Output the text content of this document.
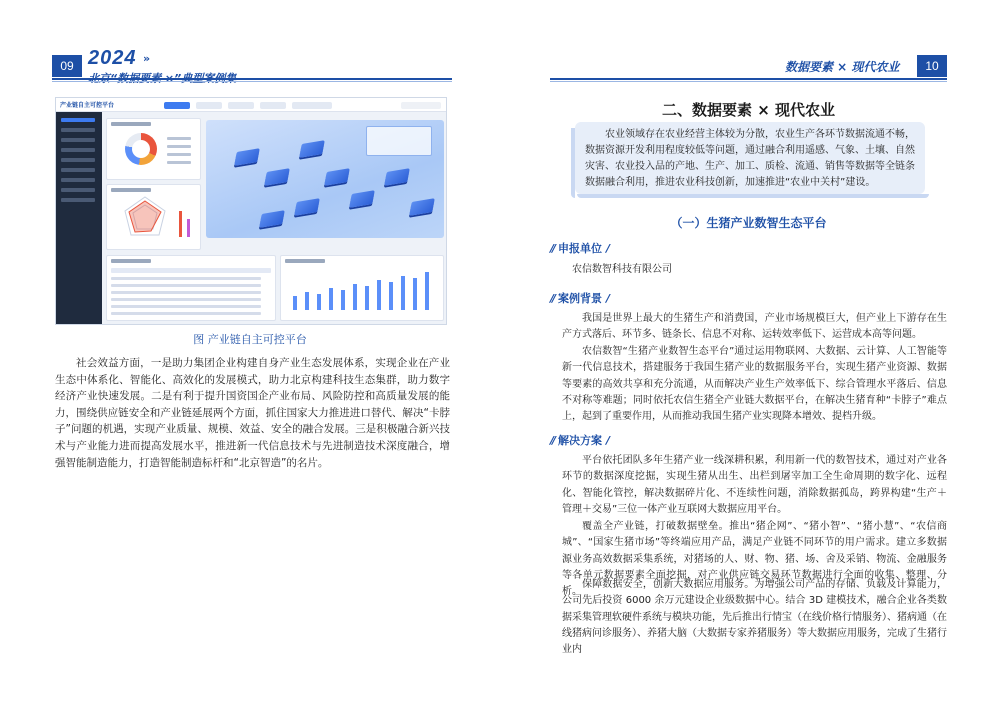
09 2024 »
产业链自主可控平台
图 产业链自主可控平台

社会效益方面，一是助力集团企业构建自身产业生态发展体系，实现企业在产业生态中体系化、智能化、高效化的发展模式，助力北京构建科技生态集群，助力数字经济产业快速发展。二是有利于提升国资国企产业布局、风险防控和高质量发展的能力，围绕供应链安全和产业链延展两个方面，抓住国家大力推进进口替代、解决“卡脖子”问题的机遇，实现产业质量、规模、效益、安全的融合发展。三是积极融合新兴技术与产业能力进而提高发展水平，推进新一代信息技术与先进制造技术深度融合，增强智能制造能力，打造智能制造标杆和“北京智造”的名片。

数据要素 × 现代农业	10
二、数据要素 × 现代农业

农业领域存在农业经营主体较为分散，农业生产各环节数据流通不畅，数据资源开发利用程度较低等问题，通过融合利用遥感、气象、土壤、自然灾害、农业投入品的产地、生产、加工、质检、流通、销售等数据等全链条数据融合利用，推进农业科技创新，加速推进“农业中关村”建设。

（一）生猪产业数智生态平台
// 申报单位 /

农信数智科技有限公司

// 案例背景 /

我国是世界上最大的生猪生产和消费国，产业市场规模巨大，但产业上下游存在生产方式落后、环节多、链条长、信息不对称、运转效率低下、运营成本高等问题。

农信数智“生猪产业数智生态平台”通过运用物联网、大数据、云计算、人工智能等新一代信息技术，搭建服务于我国生猪产业的数据服务平台，实现生猪产业资源、数据等要素的高效共享和充分流通，从而解决产业生产效率低下、综合管理水平落后、信息不对称等难题；同时依托农信生猪全产业链大数据平台，在解决生猪育种“卡脖子”难点上，起到了重要作用，从而推动我国生猪产业实现降本增效、提档升级。

// 解决方案 /

平台依托团队多年生猪产业一线深耕积累，利用新一代的数智技术，通过对产业各环节的数据深度挖掘，实现生猪从出生、出栏到屠宰加工全生命周期的数字化、远程化、智能化管控，解决数据碎片化、不连续性问题，消除数据孤岛，跨界构建“生产＋管理＋交易”三位一体产业互联网大数据应用平台。

覆盖全产业链，打破数据壁垒。推出“猪企网”、“猪小智”、“猪小慧”、“农信商城”、“国家生猪市场”等终端应用产品，满足产业链不同环节的用户需求。建立多数据源业务高效数据采集系统，对猪场的人、财、物、猪、场、舍及采销、物流、金融服务等各单元数据要素全面挖掘，对产业供应链交易环节数据进行全面的收集、整理、分析。

保障数据安全，创新大数据应用服务。为增强公司产品的存储、负载及计算能力，公司先后投资 6000 余万元建设企业级数据中心。结合 3D 建模技术，融合企业各类数据采集管理软硬件系统与模块功能，先后推出行情宝（在线价格行情服务）、猪病通（在线猪病问诊服务）、养猪大脑（大数据专家养猪服务）等大数据应用服务，完成了生猪行业内
